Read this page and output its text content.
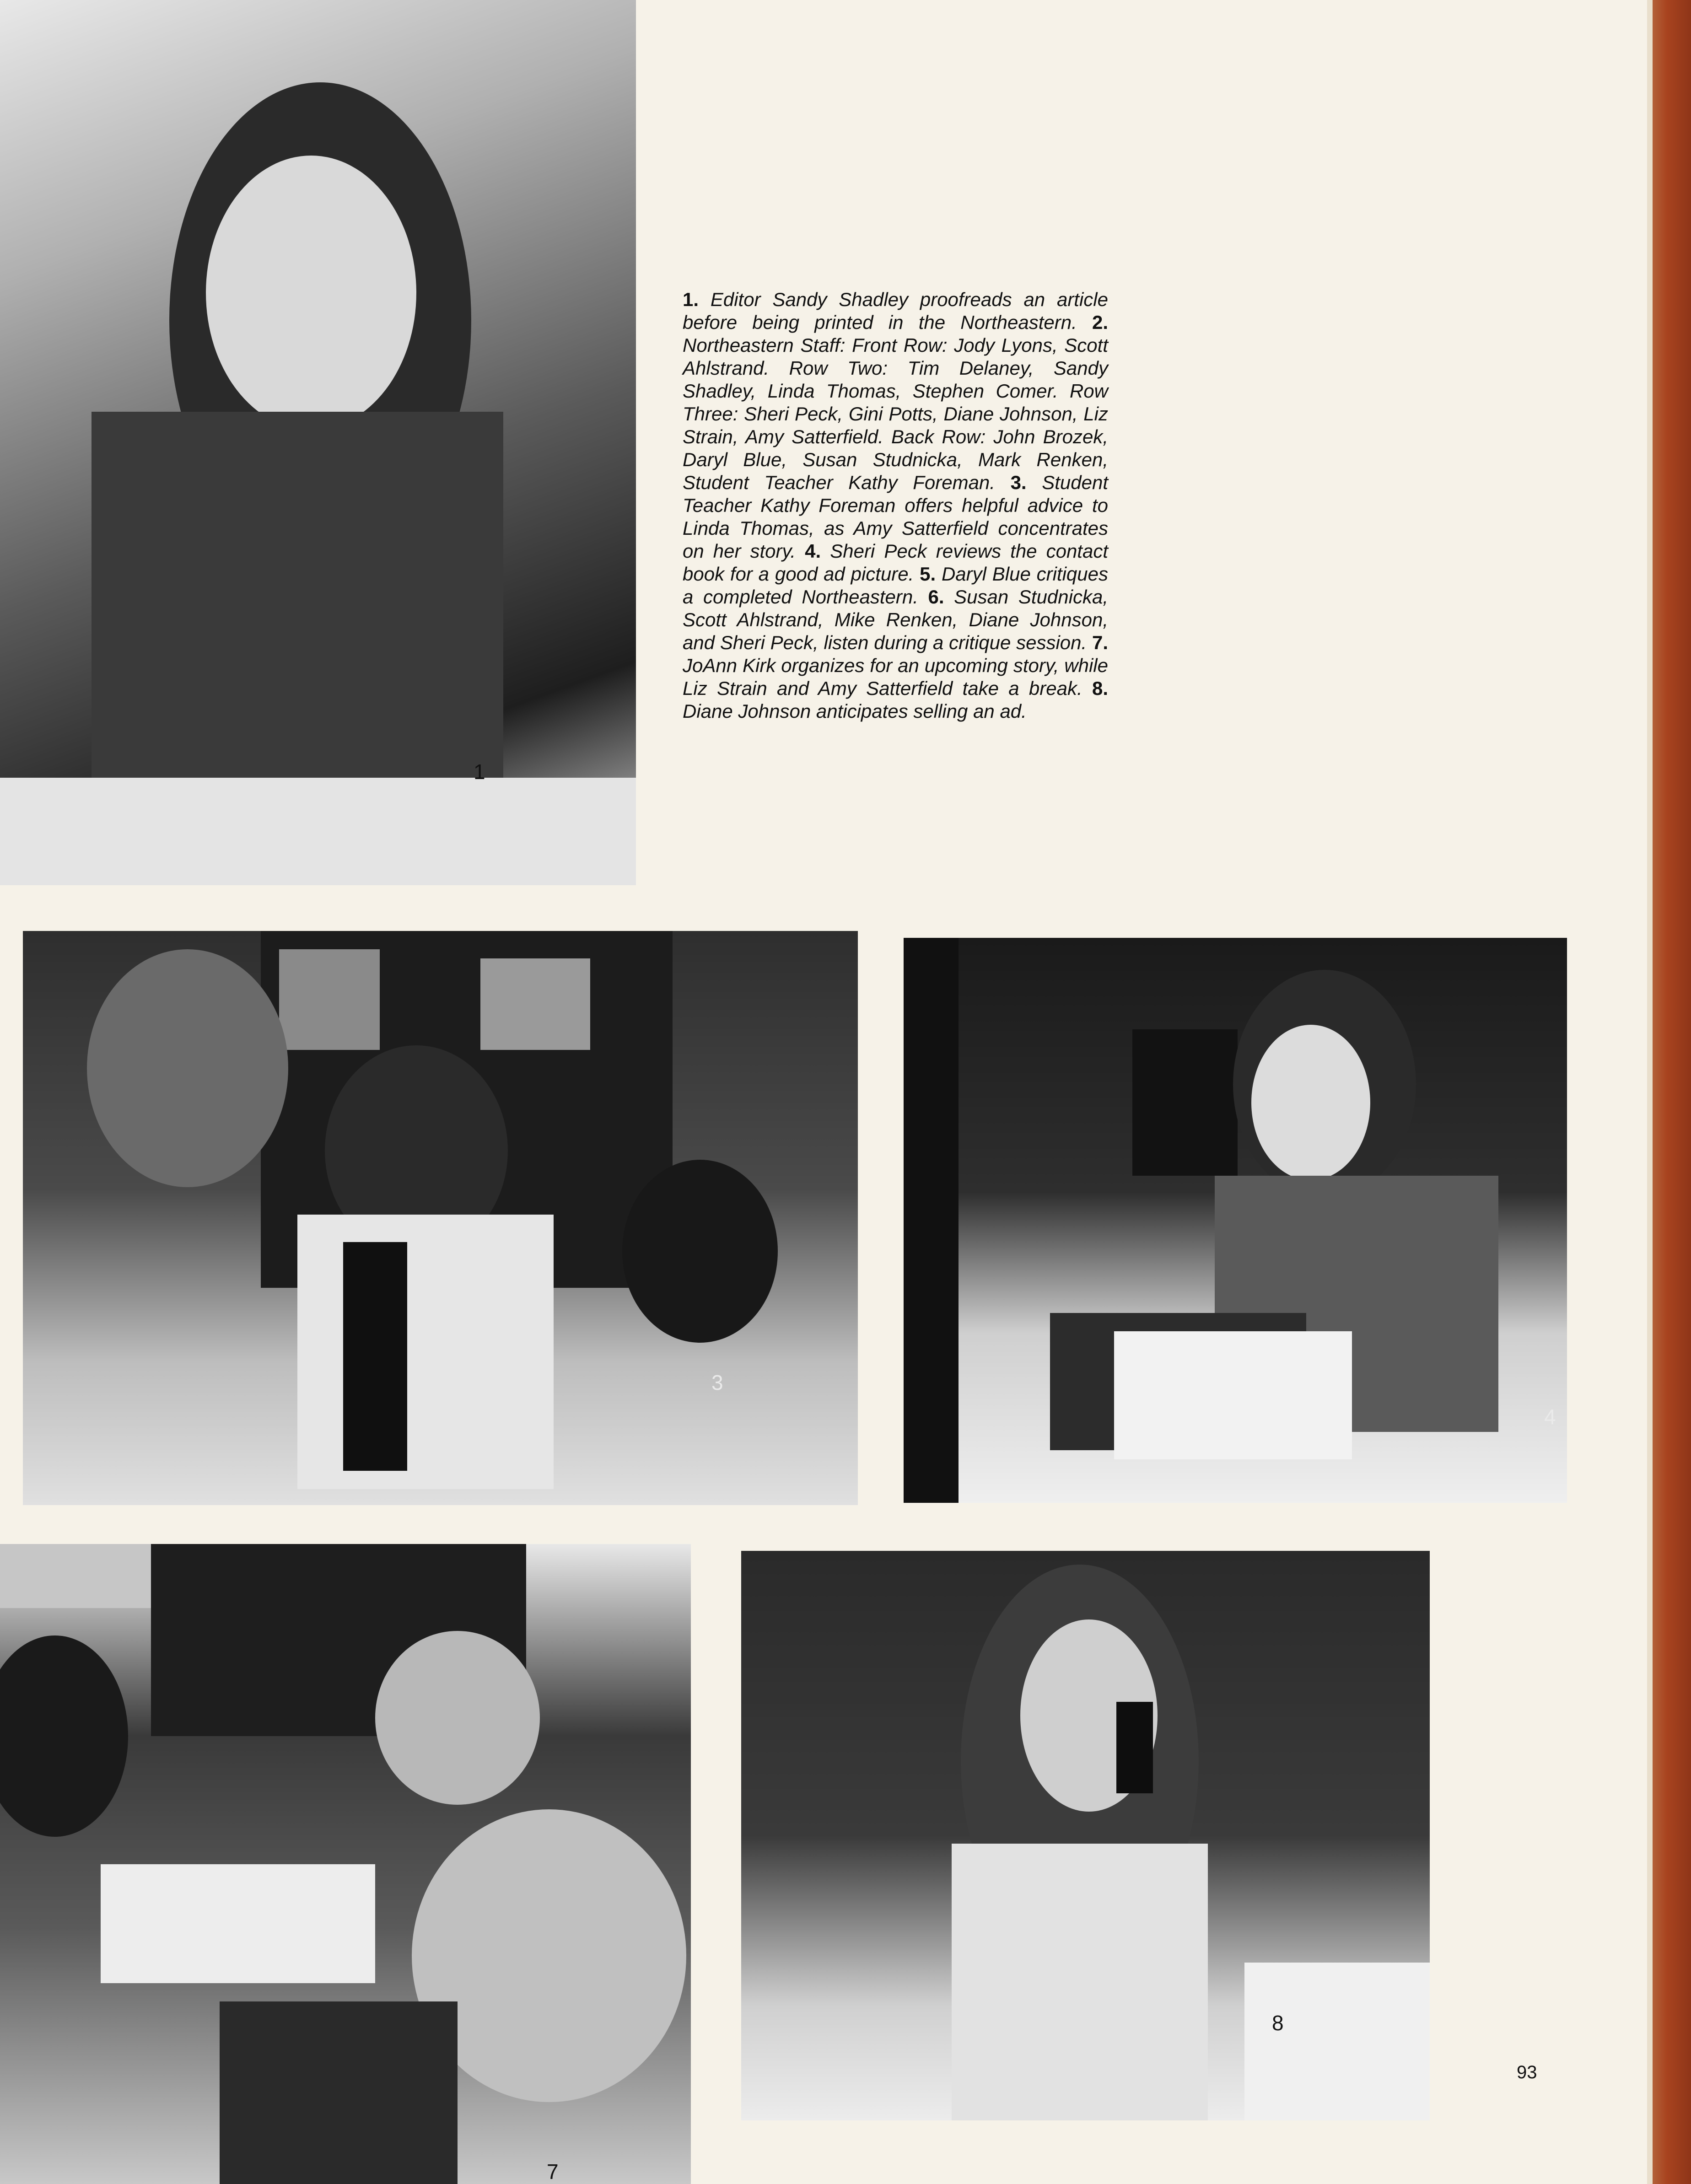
1
1. Editor Sandy Shadley proofreads an article before being printed in the Northeastern. 2. Northeastern Staff: Front Row: Jody Lyons, Scott Ahlstrand. Row Two: Tim Delaney, Sandy Shadley, Linda Thomas, Stephen Comer. Row Three: Sheri Peck, Gini Potts, Diane Johnson, Liz Strain, Amy Satterfield. Back Row: John Brozek, Daryl Blue, Susan Studnicka, Mark Renken, Student Teacher Kathy Foreman. 3. Student Teacher Kathy Foreman offers helpful advice to Linda Thomas, as Amy Satterfield concentrates on her story. 4. Sheri Peck reviews the contact book for a good ad picture. 5. Daryl Blue critiques a completed Northeastern. 6. Susan Studnicka, Scott Ahlstrand, Mike Renken, Diane Johnson, and Sheri Peck, listen during a critique session. 7. JoAnn Kirk organizes for an upcoming story, while Liz Strain and Amy Satterfield take a break. 8. Diane Johnson anticipates selling an ad.
3
4
7
8
93
